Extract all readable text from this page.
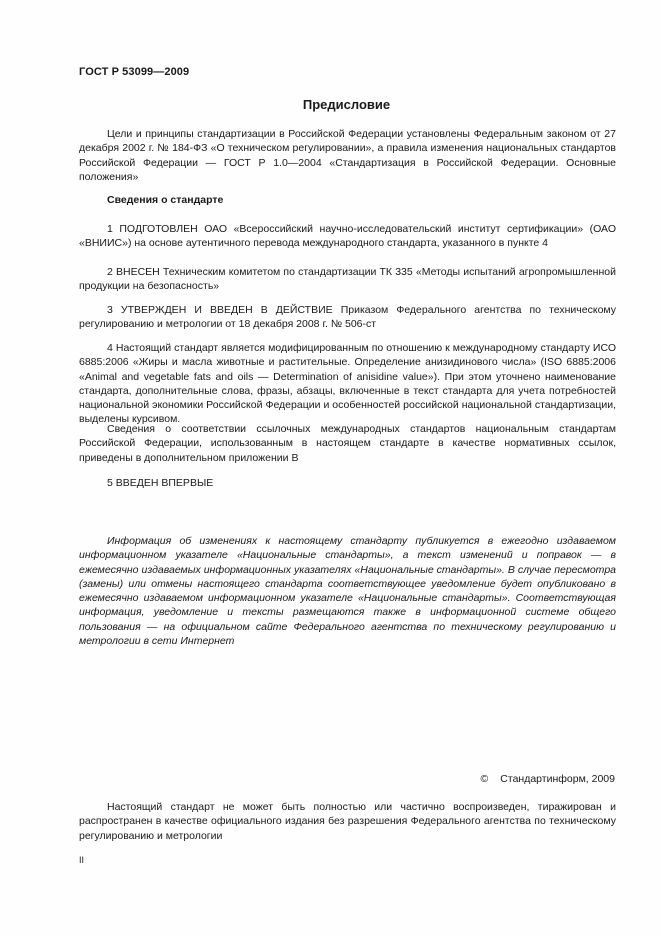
ГОСТ Р 53099—2009
Предисловие

Цели и принципы стандартизации в Российской Федерации установлены Федеральным законом от 27 декабря 2002 г. № 184-ФЗ «О техническом регулировании», а правила изменения национальных стандартов Российской Федерации — ГОСТ Р 1.0—2004 «Стандартизация в Российской Федерации. Основные положения»

Сведения о стандарте

1 ПОДГОТОВЛЕН ОАО «Всероссийский научно-исследовательский институт сертификации» (ОАО «ВНИИС») на основе аутентичного перевода международного стандарта, указанного в пункте 4

2 ВНЕСЕН Техническим комитетом по стандартизации ТК 335 «Методы испытаний агропромышленной продукции на безопасность»

3 УТВЕРЖДЕН И ВВЕДЕН В ДЕЙСТВИЕ Приказом Федерального агентства по техническому регулированию и метрологии от 18 декабря 2008 г. № 506-ст

4 Настоящий стандарт является модифицированным по отношению к международному стандарту ИСО 6885:2006 «Жиры и масла животные и растительные. Определение анизидинового числа» (ISO 6885:2006 «Animal and vegetable fats and oils — Determination of anisidine value»). При этом уточнено наименование стандарта, дополнительные слова, фразы, абзацы, включенные в текст стандарта для учета потребностей национальной экономики Российской Федерации и особенностей российской национальной стандартизации, выделены курсивом.

Сведения о соответствии ссылочных международных стандартов национальным стандартам Российской Федерации, использованным в настоящем стандарте в качестве нормативных ссылок, приведены в дополнительном приложении В

5 ВВЕДЕН ВПЕРВЫЕ

Информация об изменениях к настоящему стандарту публикуется в ежегодно издаваемом информационном указателе «Национальные стандарты», а текст изменений и поправок — в ежемесячно издаваемых информационных указателях «Национальные стандарты». В случае пересмотра (замены) или отмены настоящего стандарта соответствующее уведомление будет опубликовано в ежемесячно издаваемом информационном указателе «Национальные стандарты». Соответствующая информация, уведомление и тексты размещаются также в информационной системе общего пользования — на официальном сайте Федерального агентства по техническому регулированию и метрологии в сети Интернет

© Стандартинформ, 2009

Настоящий стандарт не может быть полностью или частично воспроизведен, тиражирован и распространен в качестве официального издания без разрешения Федерального агентства по техническому регулированию и метрологии

II
